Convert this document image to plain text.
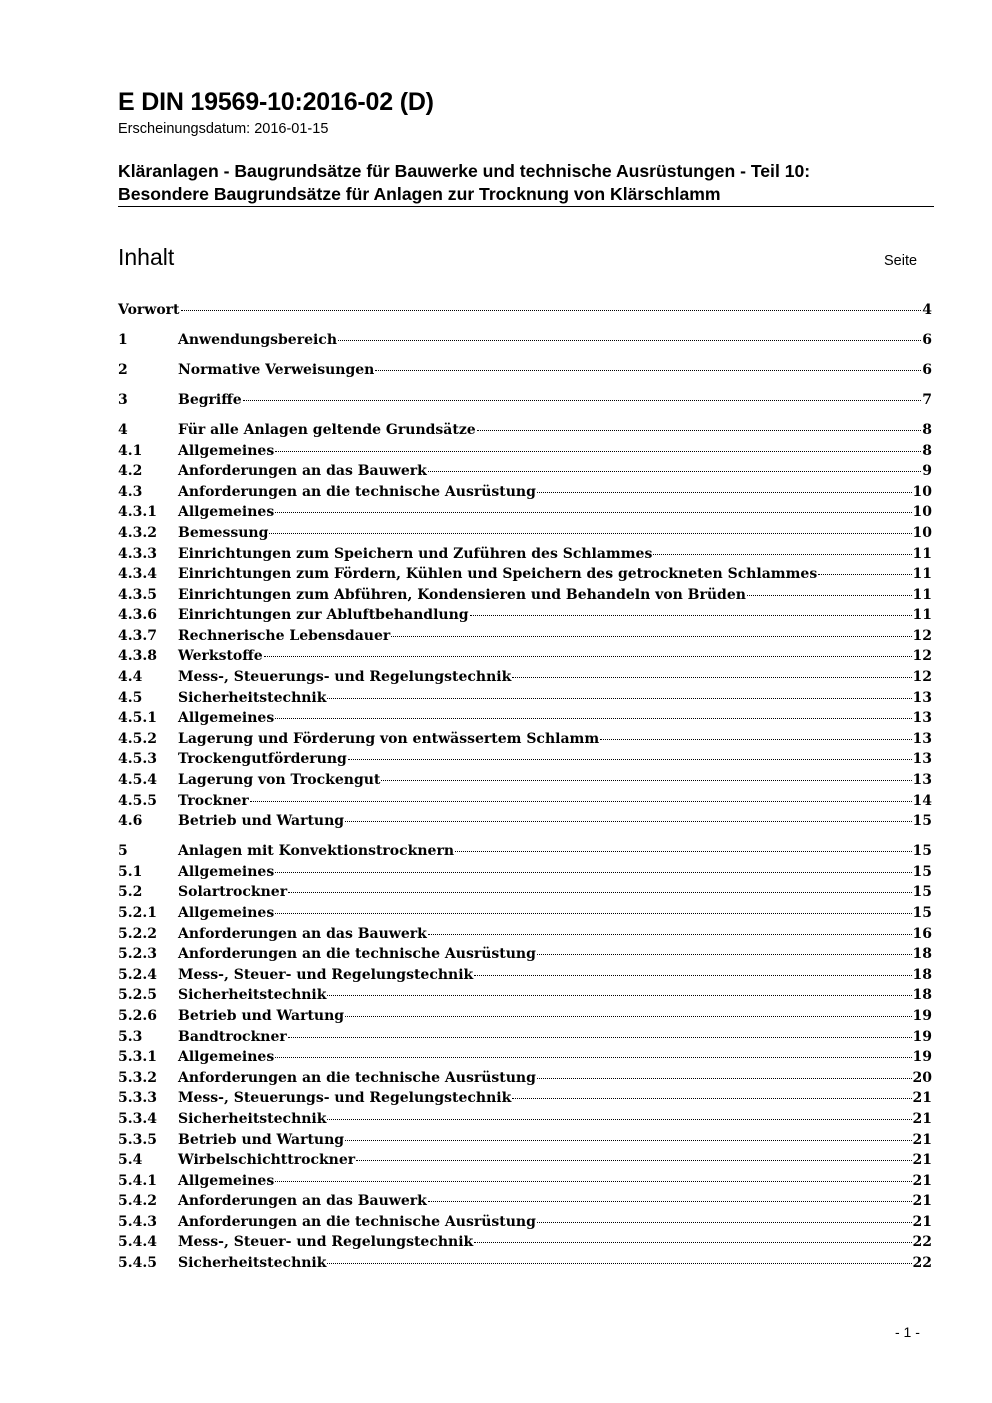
E DIN 19569-10:2016-02 (D)
Erscheinungsdatum: 2016-01-15
Kläranlagen - Baugrundsätze für Bauwerke und technische Ausrüstungen - Teil 10:
Besondere Baugrundsätze für Anlagen zur Trocknung von Klärschlamm
Inhalt	Seite
Vorwort	4
1	Anwendungsbereich	6
2	Normative Verweisungen	6
3	Begriffe	7
4	Für alle Anlagen geltende Grundsätze	8
4.1	Allgemeines	8
4.2	Anforderungen an das Bauwerk	9
4.3	Anforderungen an die technische Ausrüstung	10
4.3.1 Allgemeines	10
4.3.2 Bemessung	10
4.3.3 Einrichtungen zum Speichern und Zuführen des Schlammes	11
4.3.4 Einrichtungen zum Fördern, Kühlen und Speichern des getrockneten Schlammes	11
4.3.5 Einrichtungen zum Abführen, Kondensieren und Behandeln von Brüden	11
4.3.6 Einrichtungen zur Abluftbehandlung	11
4.3.7 Rechnerische Lebensdauer	12
4.3.8 Werkstoffe	12
4.4	Mess-, Steuerungs- und Regelungstechnik	12
4.5	Sicherheitstechnik	13
4.5.1 Allgemeines	13
4.5.2 Lagerung und Förderung von entwässertem Schlamm	13
4.5.3 Trockengutförderung	13
4.5.4 Lagerung von Trockengut	13
4.5.5 Trockner	14
4.6	Betrieb und Wartung	15
5	Anlagen mit Konvektionstrocknern	15
5.1	Allgemeines	15
5.2	Solartrockner	15
5.2.1 Allgemeines	15
5.2.2 Anforderungen an das Bauwerk	16
5.2.3 Anforderungen an die technische Ausrüstung	18
5.2.4 Mess-, Steuer- und Regelungstechnik	18
5.2.5 Sicherheitstechnik	18
5.2.6 Betrieb und Wartung	19
5.3	Bandtrockner	19
5.3.1 Allgemeines	19
5.3.2 Anforderungen an die technische Ausrüstung	20
5.3.3 Mess-, Steuerungs- und Regelungstechnik	21
5.3.4 Sicherheitstechnik	21
5.3.5 Betrieb und Wartung	21
5.4	Wirbelschichttrockner	21
5.4.1 Allgemeines	21
5.4.2 Anforderungen an das Bauwerk	21
5.4.3 Anforderungen an die technische Ausrüstung	21
5.4.4 Mess-, Steuer- und Regelungstechnik	22
5.4.5 Sicherheitstechnik	22
- 1 -
